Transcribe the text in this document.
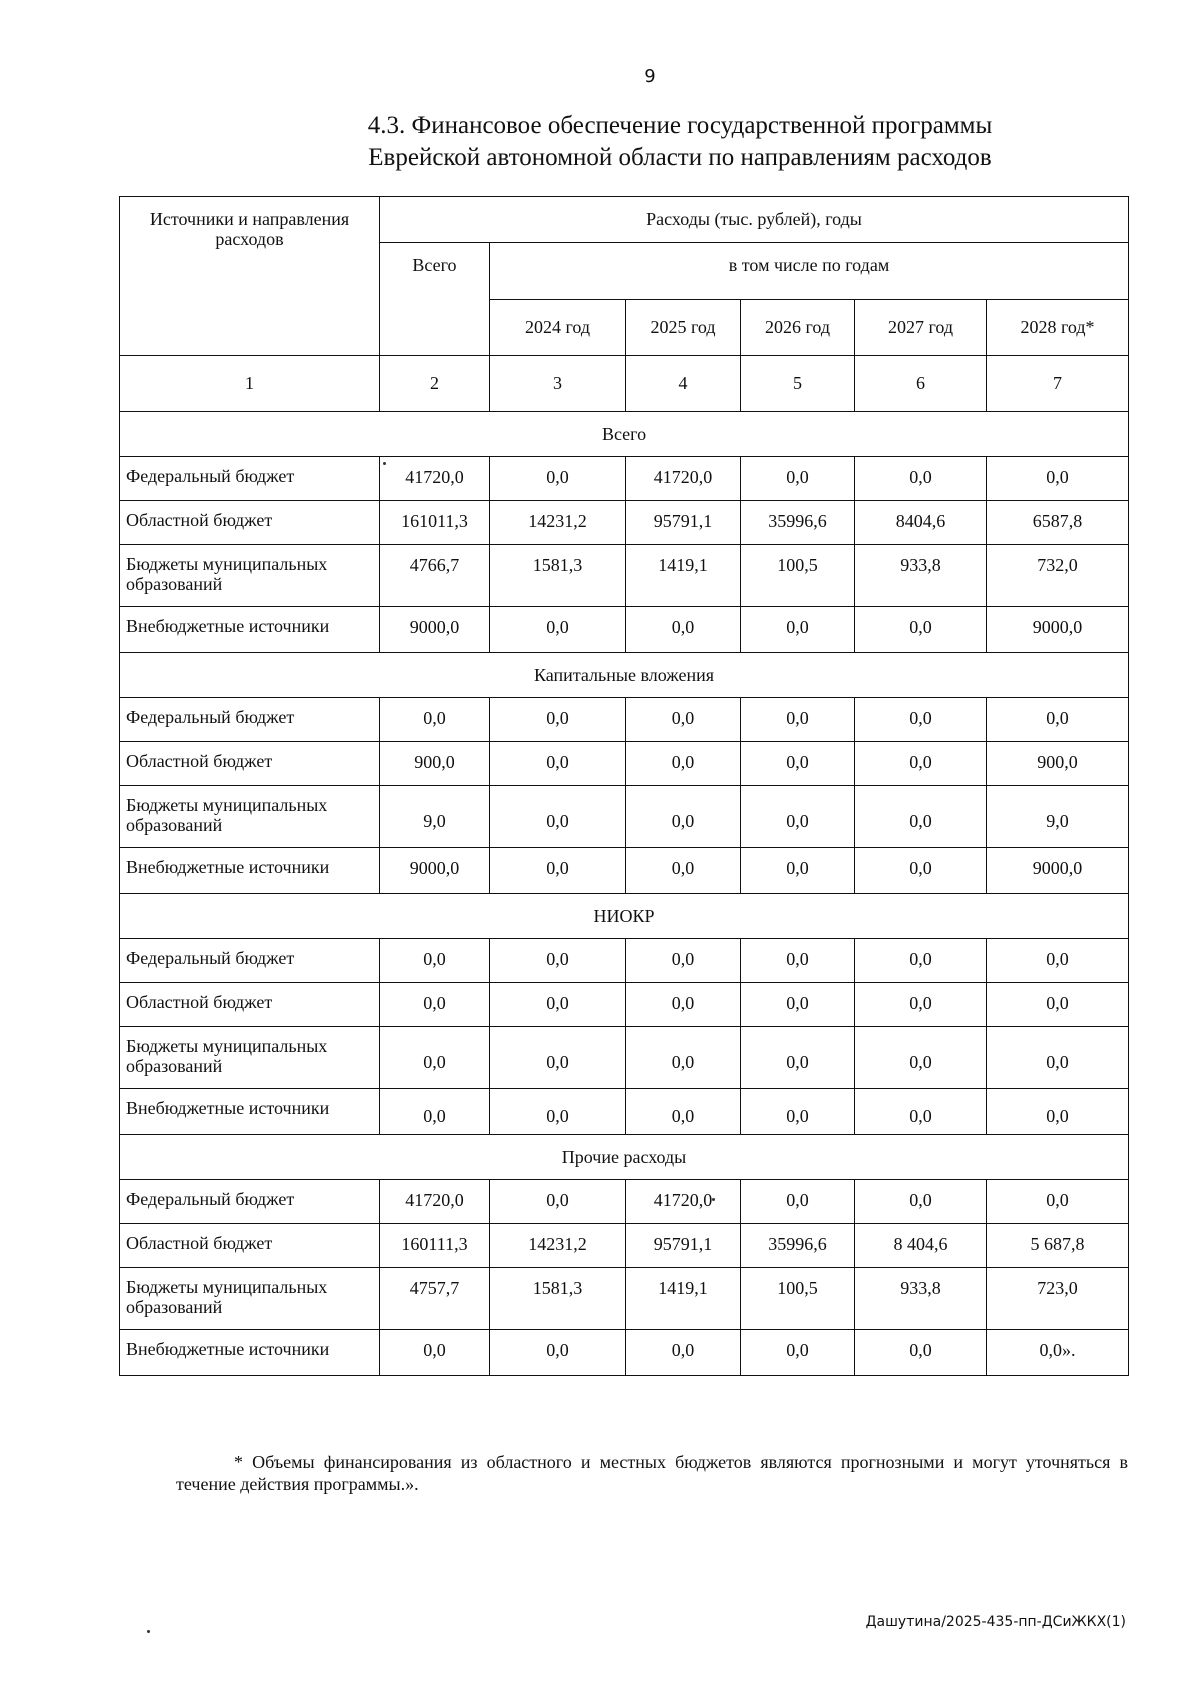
9
4.3. Финансовое обеспечение государственной программы
Еврейской автономной области по направлениям расходов
Источники и направления расходов	Расходы (тыс. рублей), годы					
	Всего	в том числе по годам				
		2024 год	2025 год	2026 год	2027 год	2028 год*
1	2	3	4	5	6	7
Всего						
Федеральный бюджет	41720,0	0,0	41720,0	0,0	0,0	0,0
Областной бюджет	161011,3	14231,2	95791,1	35996,6	8404,6	6587,8
Бюджеты муниципальных образований	4766,7	1581,3	1419,1	100,5	933,8	732,0
Внебюджетные источники	9000,0	0,0	0,0	0,0	0,0	9000,0
Капитальные вложения						
Федеральный бюджет	0,0	0,0	0,0	0,0	0,0	0,0
Областной бюджет	900,0	0,0	0,0	0,0	0,0	900,0
Бюджеты муниципальных образований	9,0	0,0	0,0	0,0	0,0	9,0
Внебюджетные источники	9000,0	0,0	0,0	0,0	0,0	9000,0
НИОКР						
Федеральный бюджет	0,0	0,0	0,0	0,0	0,0	0,0
Областной бюджет	0,0	0,0	0,0	0,0	0,0	0,0
Бюджеты муниципальных образований	0,0	0,0	0,0	0,0	0,0	0,0
Внебюджетные источники	0,0	0,0	0,0	0,0	0,0	0,0
Прочие расходы						
Федеральный бюджет	41720,0	0,0	41720,0	0,0	0,0	0,0
Областной бюджет	160111,3	14231,2	95791,1	35996,6	8 404,6	5 687,8
Бюджеты муниципальных образований	4757,7	1581,3	1419,1	100,5	933,8	723,0
Внебюджетные источники	0,0	0,0	0,0	0,0	0,0	0,0».
* Объемы финансирования из областного и местных бюджетов являются прогнозными и могут уточняться в течение действия программы.».
Дашутина/2025-435-пп-ДСиЖКХ(1)
